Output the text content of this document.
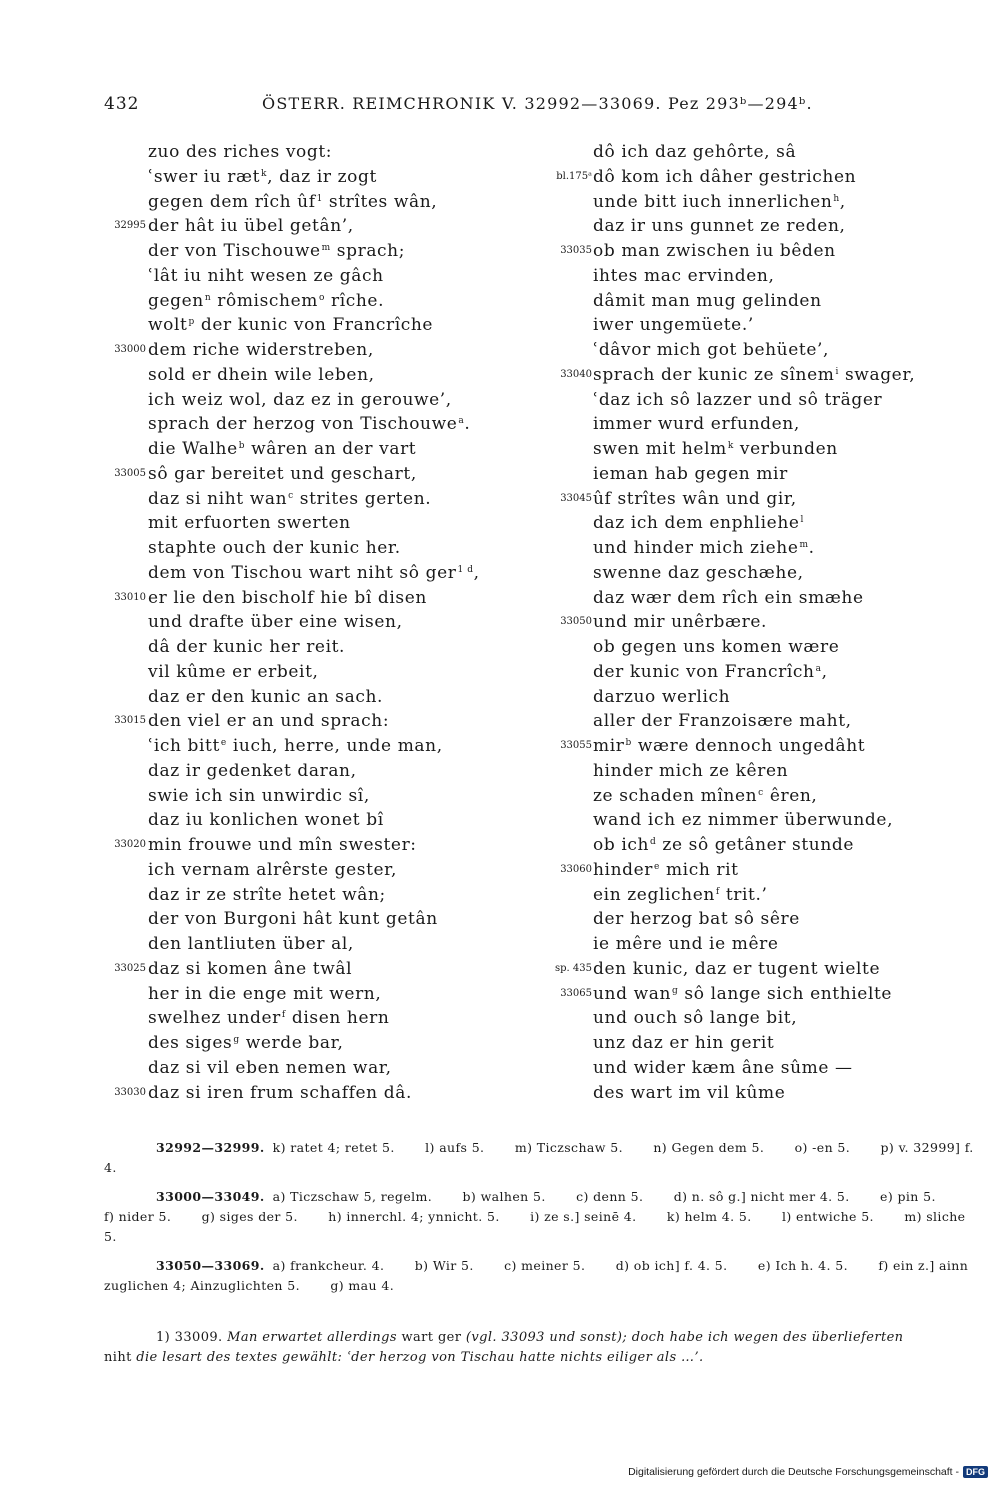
432	ÖSTERR. REIMCHRONIK V. 32992—33069. Pez 293ᵇ—294ᵇ.
zuo des riches vogt:
ʿswer iu ræt$^k$, daz ir zogt
gegen dem rîch $ûf^1$ strîtes wân,
32995 der hât iu übel getân’,
der von Tischouwe$^m$ sprach;
ʿlât iu niht wesen ze gâch
gegen$^n$ rômischem$^o$ rîche.
wolt$^p$ der kunic von Francrîche
33000 dem riche widerstreben,
sold er dhein wile leben,
ich weiz wol, daz ez in gerouwe’,
sprach der herzog von Tischouwe$^a$.
die Walhe$^b$ wâren an der vart
33005 sô gar bereitet und geschart,
daz si niht wan$^c$ strites gerten.
mit erfuorten swerten
staphte ouch der kunic her.
dem von Tischou wart niht sô ger$^{1 d}$,
33010 er lie den bischolf hie bî disen
und drafte über eine wisen,
dâ der kunic her reit.
vil kûme er erbeit,
daz er den kunic an sach.
33015 den viel er an und sprach:
ʿich bitt$^e$ iuch, herre, unde man,
daz ir gedenket daran,
swie ich sin unwirdic sî,
daz iu konlichen wonet bî
33020 min frouwe und mîn swester:
ich vernam alrêrste gester,
daz ir ze strîte hetet wân;
der von Burgoni hât kunt getân
den lantliuten über al,
33025 daz si komen âne twâl
her in die enge mit wern,
swelhez under$^f$ disen hern
des siges$^g$ werde bar,
daz si vil eben nemen war,
33030 daz si iren frum schaffen dâ.
dô ich daz gehôrte, sâ
bl.175ᵃ dô kom ich dâher gestrichen
unde bitt iuch innerlichen$^h$,
daz ir uns gunnet ze reden,
33035 ob man zwischen iu bêden
ihtes mac ervinden,
dâmit man mug gelinden
iwer ungemüete.’
ʿdâvor mich got behüete’,
33040 sprach der kunic ze sînem$^i$ swager,
ʿdaz ich sô lazzer und sô träger
immer wurd erfunden,
swen mit helm$^k$ verbunden
ieman hab gegen mir
33045 ûf strîtes wân und gir,
daz ich dem enphliehe$^l$
und hinder mich ziehe$^m$.
swenne daz geschæhe,
daz wær dem rîch ein smæhe
33050 und mir unêrbære.
ob gegen uns komen wære
der kunic von Francrîch$^a$,
darzuo werlich
aller der Franzoisære maht,
33055 mir$^b$ wære dennoch ungedâht
hinder mich ze kêren
ze schaden mînen$^c$ êren,
wand ich ez nimmer überwunde,
ob ich$^d$ ze sô getâner stunde
33060 hinder$^e$ mich rit
ein zeglichen$^f$ trit.’
der herzog bat sô sêre
ie mêre und ie mêre
sp. 435 den kunic, daz er tugent wielte
33065 und wan$^g$ sô lange sich enthielte
und ouch sô lange bit,
unz daz er hin gerit
und wider kæm âne sûme —
des wart im vil kûme
32992—32999. k) ratet 4; retet 5. l) aufs 5. m) Ticzschaw 5. n) Gegen dem 5. o) -en 5. p) v. 32999] f. 4.
33000—33049. a) Ticzschaw 5, regelm. b) walhen 5. c) denn 5. d) n. sô g.] nicht mer 4. 5. e) pin 5. f) nider 5. g) siges der 5. h) innerchl. 4; ynnicht. 5. i) ze s.] seinē 4. k) helm 4. 5. l) entwiche 5. m) sliche 5.
33050—33069. a) frankcheur. 4. b) Wir 5. c) meiner 5. d) ob ich] f. 4. 5. e) Ich h. 4. 5. f) ein z.] ainn zuglichen 4; Ainzuglichten 5. g) mau 4.
1) 33009. Man erwartet allerdings wart ger (vgl. 33093 und sonst); doch habe ich wegen des überlieferten
niht die lesart des textes gewählt: ʿder herzog von Tischau hatte nichts eiliger als …’.
Digitalisierung gefördert durch die Deutsche Forschungsgemeinschaft - DFG
